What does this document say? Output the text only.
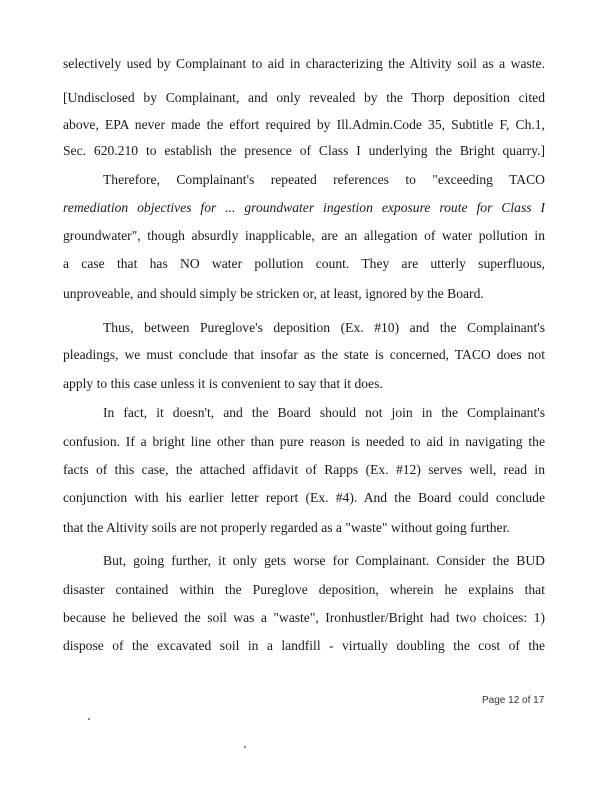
selectively used by Complainant to aid in characterizing the Altivity soil as a waste.
[Undisclosed by Complainant, and only revealed by the Thorp deposition cited
above, EPA never made the effort required by Ill.Admin.Code 35, Subtitle F, Ch.1,
Sec. 620.210 to establish the presence of Class I underlying the Bright quarry.]
Therefore, Complainant's repeated references to "exceeding TACO
remediation objectives for ... groundwater ingestion exposure route for Class I
groundwater", though absurdly inapplicable, are an allegation of water pollution in
a case that has NO water pollution count. They are utterly superfluous,
unproveable, and should simply be stricken or, at least, ignored by the Board.
Thus, between Pureglove's deposition (Ex. #10) and the Complainant's
pleadings, we must conclude that insofar as the state is concerned, TACO does not
apply to this case unless it is convenient to say that it does.
In fact, it doesn't, and the Board should not join in the Complainant's
confusion. If a bright line other than pure reason is needed to aid in navigating the
facts of this case, the attached affidavit of Rapps (Ex. #12) serves well, read in
conjunction with his earlier letter report (Ex. #4). And the Board could conclude
that the Altivity soils are not properly regarded as a "waste" without going further.
But, going further, it only gets worse for Complainant. Consider the BUD
disaster contained within the Pureglove deposition, wherein he explains that
because he believed the soil was a "waste", Ironhustler/Bright had two choices: 1)
dispose of the excavated soil in a landfill - virtually doubling the cost of the
Page 12 of 17
